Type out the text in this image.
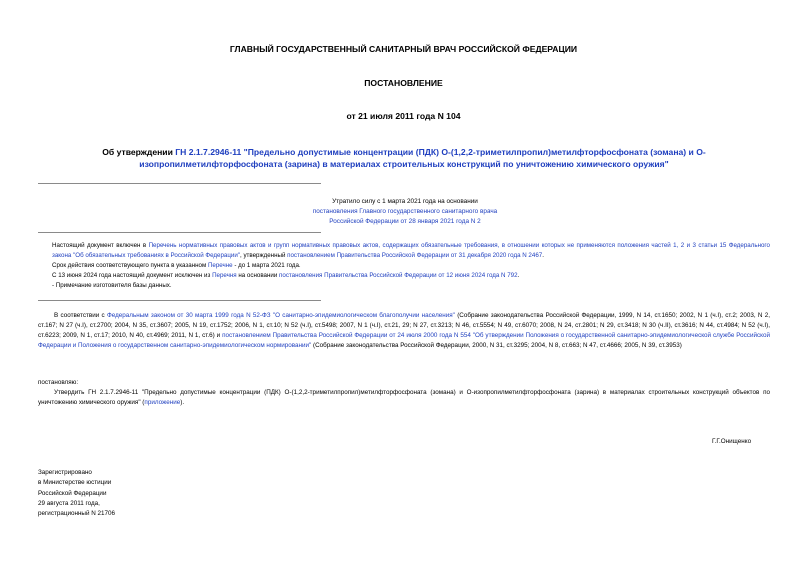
ГЛАВНЫЙ ГОСУДАРСТВЕННЫЙ САНИТАРНЫЙ ВРАЧ РОССИЙСКОЙ ФЕДЕРАЦИИ
ПОСТАНОВЛЕНИЕ
от 21 июля 2011 года N 104
Об утверждении ГН 2.1.7.2946-11 "Предельно допустимые концентрации (ПДК) О-(1,2,2-триметилпропил)метилфторфосфоната (зомана) и О-изопропилметилфторфосфоната (зарина) в материалах строительных конструкций по уничтожению химического оружия"
Утратило силу с 1 марта 2021 года на основании
постановления Главного государственного санитарного врача
Российской Федерации от 28 января 2021 года N 2
Настоящий документ включен в Перечень нормативных правовых актов и групп нормативных правовых актов, содержащих обязательные требования, в отношении которых не применяются положения частей 1, 2 и 3 статьи 15 Федерального закона "Об обязательных требованиях в Российской Федерации", утвержденный постановлением Правительства Российской Федерации от 31 декабря 2020 года N 2467.
Срок действия соответствующего пункта в указанном Перечне - до 1 марта 2021 года.
С 13 июня 2024 года настоящий документ исключен из Перечня на основании постановления Правительства Российской Федерации от 12 июня 2024 года N 792.
- Примечание изготовителя базы данных.

В соответствии с Федеральным законом от 30 марта 1999 года N 52-ФЗ "О санитарно-эпидемиологическом благополучии населения" (Собрание законодательства Российской Федерации, 1999, N 14, ст.1650; 2002, N 1 (ч.I), ст.2; 2003, N 2, ст.167; N 27 (ч.I), ст.2700; 2004, N 35, ст.3607; 2005, N 19, ст.1752; 2006, N 1, ст.10; N 52 (ч.I), ст.5498; 2007, N 1 (ч.I), ст.21, 29; N 27, ст.3213; N 46, ст.5554; N 49, ст.6070; 2008, N 24, ст.2801; N 29, ст.3418; N 30 (ч.II), ст.3616; N 44, ст.4984; N 52 (ч.I), ст.6223; 2009, N 1, ст.17; 2010, N 40, ст.4969; 2011, N 1, ст.6) и постановлением Правительства Российской Федерации от 24 июля 2000 года N 554 "Об утверждении Положения о государственной санитарно-эпидемиологической службе Российской Федерации и Положения о государственном санитарно-эпидемиологическом нормировании" (Собрание законодательства Российской Федерации, 2000, N 31, ст.3295; 2004, N 8, ст.663; N 47, ст.4666; 2005, N 39, ст.3953)

постановляю:

Утвердить ГН 2.1.7.2946-11 "Предельно допустимые концентрации (ПДК) О-(1,2,2-триметилпропил)метилфторфосфоната (зомана) и О-изопропилметилфторфосфоната (зарина) в материалах строительных конструкций объектов по уничтожению химического оружия" (приложение).

Г.Г.Онищенко
Зарегистрировано
в Министерстве юстиции
Российской Федерации
29 августа 2011 года,
регистрационный N 21706
